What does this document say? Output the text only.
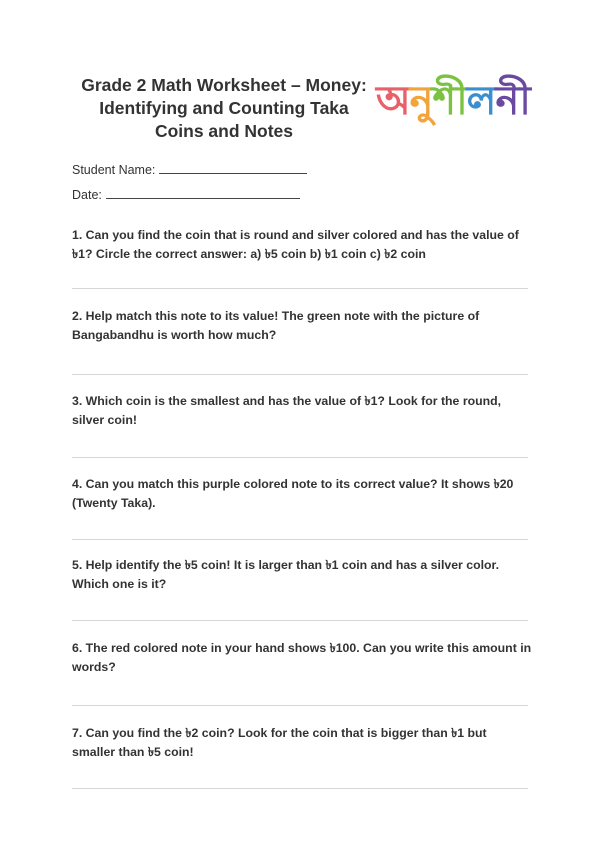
Grade 2 Math Worksheet – Money:
Identifying and Counting Taka
Coins and Notes
অনুশীলনী
Student Name:
Date:
1. Can you find the coin that is round and silver colored and has the value of ৳1? Circle the correct answer: a) ৳5 coin b) ৳1 coin c) ৳2 coin
2. Help match this note to its value! The green note with the picture of Bangabandhu is worth how much?
3. Which coin is the smallest and has the value of ৳1? Look for the round, silver coin!
4. Can you match this purple colored note to its correct value? It shows ৳20 (Twenty Taka).
5. Help identify the ৳5 coin! It is larger than ৳1 coin and has a silver color. Which one is it?
6. The red colored note in your hand shows ৳100. Can you write this amount in words?
7. Can you find the ৳2 coin? Look for the coin that is bigger than ৳1 but smaller than ৳5 coin!
